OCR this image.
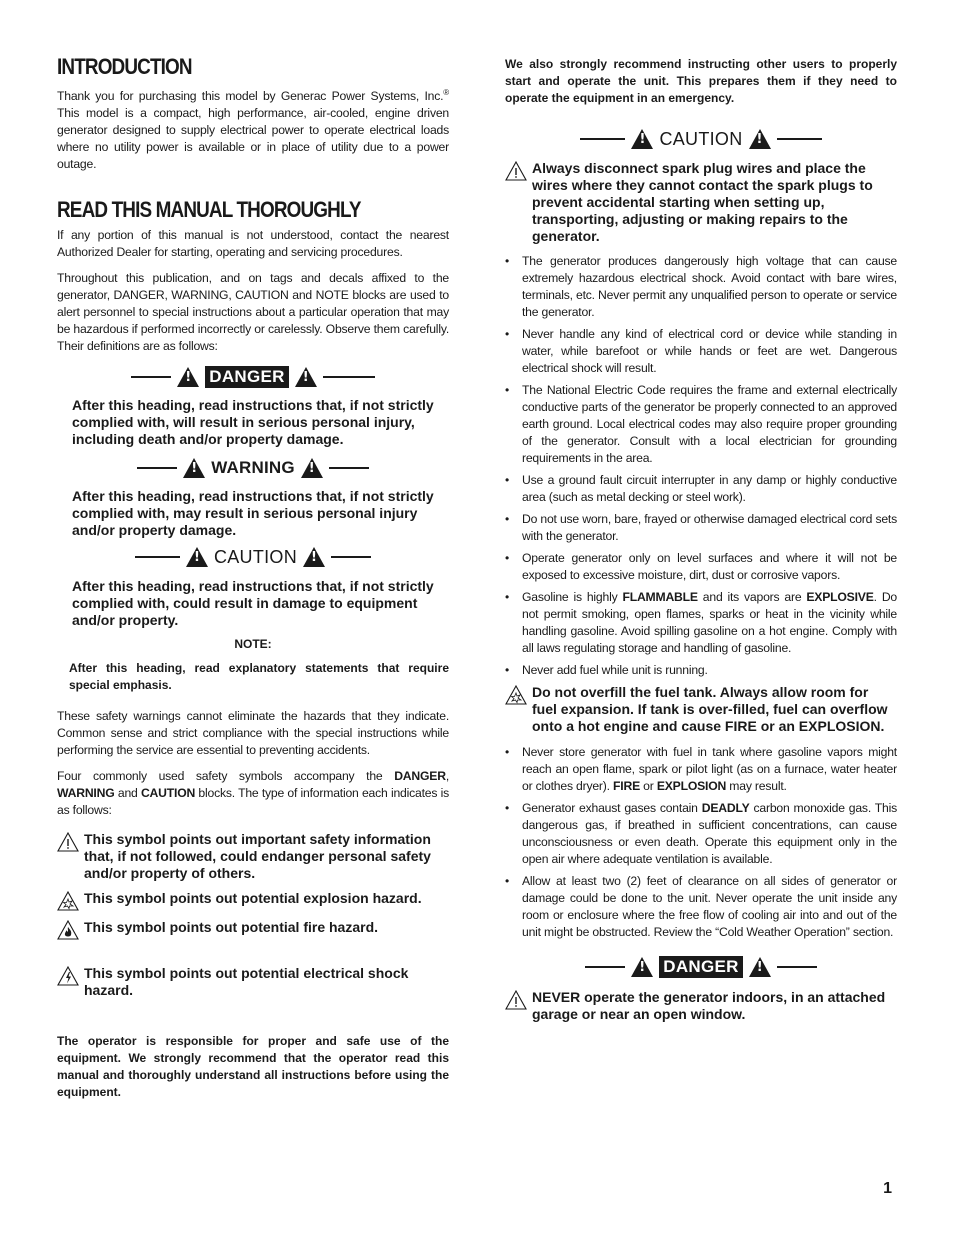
INTRODUCTION

Thank you for purchasing this model by Generac Power Systems, Inc.® This model is a compact, high performance, air-cooled, engine driven generator designed to supply electrical power to operate electrical loads where no utility power is available or in place of utility due to a power outage.

READ THIS MANUAL THOROUGHLY

If any portion of this manual is not understood, contact the nearest Authorized Dealer for starting, operating and servicing procedures.

Throughout this publication, and on tags and decals affixed to the generator, DANGER, WARNING, CAUTION and NOTE blocks are used to alert personnel to special instructions about a particular operation that may be hazardous if performed incorrectly or carelessly. Observe them carefully. Their definitions are as follows:

!
DANGER
!
After this heading, read instructions that, if not strictly complied with, will result in serious personal injury, including death and/or property damage.
!
WARNING
!
After this heading, read instructions that, if not strictly complied with, may result in serious personal injury and/or property damage.
!
CAUTION
!
After this heading, read instructions that, if not strictly complied with, could result in damage to equipment and/or property.
NOTE:
After this heading, read explanatory statements that require special emphasis.

These safety warnings cannot eliminate the hazards that they indicate. Common sense and strict compliance with the special instructions while performing the service are essential to preventing accidents.

Four commonly used safety symbols accompany the DANGER, WARNING and CAUTION blocks. The type of information each indicates is as follows:

This symbol points out important safety information that, if not followed, could endanger personal safety and/or property of others.
This symbol points out potential explosion hazard.
This symbol points out potential fire hazard.
This symbol points out potential electrical shock hazard.
The operator is responsible for proper and safe use of the equipment. We strongly recommend that the operator read this manual and thoroughly understand all instructions before using the equipment.
We also strongly recommend instructing other users to properly start and operate the unit. This prepares them if they need to operate the equipment in an emergency.
!
CAUTION
!
Always disconnect spark plug wires and place the wires where they cannot contact the spark plugs to prevent accidental starting when setting up, transporting, adjusting or making repairs to the generator.
• The generator produces dangerously high voltage that can cause extremely hazardous electrical shock. Avoid contact with bare wires, terminals, etc. Never permit any unqualified person to operate or service the generator.
• Never handle any kind of electrical cord or device while standing in water, while barefoot or while hands or feet are wet. Dangerous electrical shock will result.
• The National Electric Code requires the frame and external electrically conductive parts of the generator be properly connected to an approved earth ground. Local electrical codes may also require proper grounding of the generator. Consult with a local electrician for grounding requirements in the area.
• Use a ground fault circuit interrupter in any damp or highly conductive area (such as metal decking or steel work).
• Do not use worn, bare, frayed or otherwise damaged electrical cord sets with the generator.
• Operate generator only on level surfaces and where it will not be exposed to excessive moisture, dirt, dust or corrosive vapors.
• Gasoline is highly FLAMMABLE and its vapors are EXPLOSIVE. Do not permit smoking, open flames, sparks or heat in the vicinity while handling gasoline. Avoid spilling gasoline on a hot engine. Comply with all laws regulating storage and handling of gasoline.
• Never add fuel while unit is running.
Do not overfill the fuel tank. Always allow room for fuel expansion. If tank is over-filled, fuel can overflow onto a hot engine and cause FIRE or an EXPLOSION.
• Never store generator with fuel in tank where gasoline vapors might reach an open flame, spark or pilot light (as on a furnace, water heater or clothes dryer). FIRE or EXPLOSION may result.
• Generator exhaust gases contain DEADLY carbon monoxide gas. This dangerous gas, if breathed in sufficient concentrations, can cause unconsciousness or even death. Operate this equipment only in the open air where adequate ventilation is available.
• Allow at least two (2) feet of clearance on all sides of generator or damage could be done to the unit. Never operate the unit inside any room or enclosure where the free flow of cooling air into and out of the unit might be obstructed. Review the “Cold Weather Operation” section.
!
DANGER
!
NEVER operate the generator indoors, in an attached garage or near an open window.
1
